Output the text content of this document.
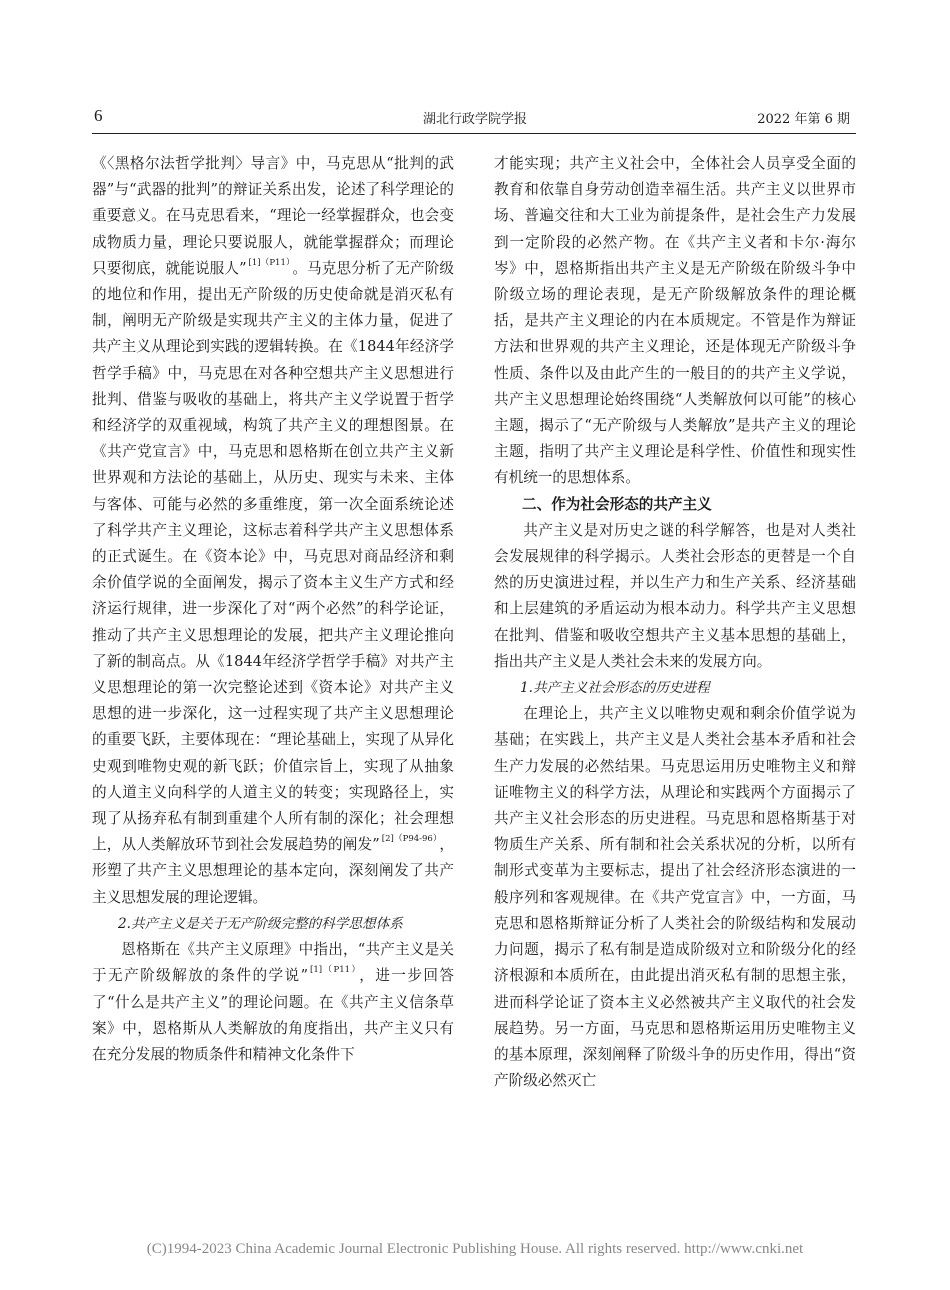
6	湖北行政学院学报	2022 年第 6 期

《〈黑格尔法哲学批判〉导言》中，马克思从“批判的武器”与“武器的批判”的辩证关系出发，论述了科学理论的重要意义。在马克思看来，“理论一经掌握群众，也会变成物质力量，理论只要说服人，就能掌握群众；而理论只要彻底，就能说服人” $^{[1](P11)}$ 。马克思分析了无产阶级的地位和作用，提出无产阶级的历史使命就是消灭私有制，阐明无产阶级是实现共产主义的主体力量，促进了共产主义从理论到实践的逻辑转换。在《1844年经济学哲学手稿》中，马克思在对各种空想共产主义思想进行批判、借鉴与吸收的基础上，将共产主义学说置于哲学和经济学的双重视域，构筑了共产主义的理想图景。在《共产党宣言》中，马克思和恩格斯在创立共产主义新世界观和方法论的基础上，从历史、现实与未来、主体与客体、可能与必然的多重维度，第一次全面系统论述了科学共产主义理论，这标志着科学共产主义思想体系的正式诞生。在《资本论》中，马克思对商品经济和剩余价值学说的全面阐发，揭示了资本主义生产方式和经济运行规律，进一步深化了对“两个必然”的科学论证，推动了共产主义思想理论的发展，把共产主义理论推向了新的制高点。从《1844年经济学哲学手稿》对共产主义思想理论的第一次完整论述到《资本论》对共产主义思想的进一步深化，这一过程实现了共产主义思想理论的重要飞跃，主要体现在：“理论基础上，实现了从异化史观到唯物史观的新飞跃；价值宗旨上，实现了从抽象的人道主义向科学的人道主义的转变；实现路径上，实现了从扬弃私有制到重建个人所有制的深化；社会理想上，从人类解放环节到社会发展趋势的阐发” $^{[2](P94-96)}$ ，形塑了共产主义思想理论的基本定向，深刻阐发了共产主义思想发展的理论逻辑。

2.共产主义是关于无产阶级完整的科学思想体系

恩格斯在《共产主义原理》中指出，“共产主义是关于无产阶级解放的条件的学说” $^{[1](P11)}$ ，进一步回答了“什么是共产主义”的理论问题。在《共产主义信条草案》中，恩格斯从人类解放的角度指出，共产主义只有在充分发展的物质条件和精神文化条件下

才能实现；共产主义社会中，全体社会人员享受全面的教育和依靠自身劳动创造幸福生活。共产主义以世界市场、普遍交往和大工业为前提条件，是社会生产力发展到一定阶段的必然产物。在《共产主义者和卡尔·海尔岑》中，恩格斯指出共产主义是无产阶级在阶级斗争中阶级立场的理论表现，是无产阶级解放条件的理论概括，是共产主义理论的内在本质规定。不管是作为辩证方法和世界观的共产主义理论，还是体现无产阶级斗争性质、条件以及由此产生的一般目的的共产主义学说，共产主义思想理论始终围绕“人类解放何以可能”的核心主题，揭示了“无产阶级与人类解放”是共产主义的理论主题，指明了共产主义理论是科学性、价值性和现实性有机统一的思想体系。

二、作为社会形态的共产主义

共产主义是对历史之谜的科学解答，也是对人类社会发展规律的科学揭示。人类社会形态的更替是一个自然的历史演进过程，并以生产力和生产关系、经济基础和上层建筑的矛盾运动为根本动力。科学共产主义思想在批判、借鉴和吸收空想共产主义基本思想的基础上，指出共产主义是人类社会未来的发展方向。

1.共产主义社会形态的历史进程

在理论上，共产主义以唯物史观和剩余价值学说为基础；在实践上，共产主义是人类社会基本矛盾和社会生产力发展的必然结果。马克思运用历史唯物主义和辩证唯物主义的科学方法，从理论和实践两个方面揭示了共产主义社会形态的历史进程。马克思和恩格斯基于对物质生产关系、所有制和社会关系状况的分析，以所有制形式变革为主要标志，提出了社会经济形态演进的一般序列和客观规律。在《共产党宣言》中，一方面，马克思和恩格斯辩证分析了人类社会的阶级结构和发展动力问题，揭示了私有制是造成阶级对立和阶级分化的经济根源和本质所在，由此提出消灭私有制的思想主张，进而科学论证了资本主义必然被共产主义取代的社会发展趋势。另一方面，马克思和恩格斯运用历史唯物主义的基本原理，深刻阐释了阶级斗争的历史作用，得出“资产阶级必然灭亡

(C)1994-2023 China Academic Journal Electronic Publishing House. All rights reserved. http://www.cnki.net
